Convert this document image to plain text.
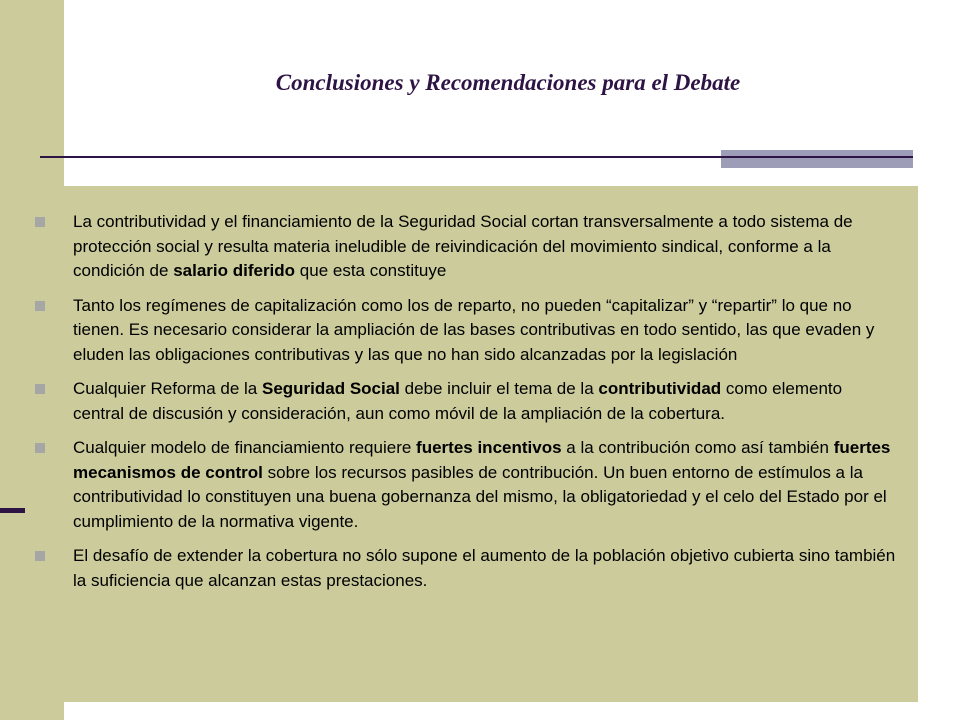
Conclusiones y Recomendaciones para el Debate
La contributividad y el financiamiento de la Seguridad Social cortan transversalmente a todo sistema de protección social y resulta materia ineludible de reivindicación del movimiento sindical, conforme a la condición de salario diferido que esta constituye
Tanto los regímenes de capitalización como los de reparto, no pueden “capitalizar” y “repartir” lo que no tienen. Es necesario considerar la ampliación de las bases contributivas en todo sentido, las que evaden y eluden las obligaciones contributivas y las que no han sido alcanzadas por la legislación
Cualquier Reforma de la Seguridad Social debe incluir el tema de la contributividad como elemento central de discusión y consideración, aun como móvil de la ampliación de la cobertura.
Cualquier modelo de financiamiento requiere fuertes incentivos a la contribución como así también fuertes mecanismos de control sobre los recursos pasibles de contribución. Un buen entorno de estímulos a la contributividad lo constituyen una buena gobernanza del mismo, la obligatoriedad y el celo del Estado por el cumplimiento de la normativa vigente.
El desafío de extender la cobertura no sólo supone el aumento de la población objetivo cubierta sino también la suficiencia que alcanzan estas prestaciones.
